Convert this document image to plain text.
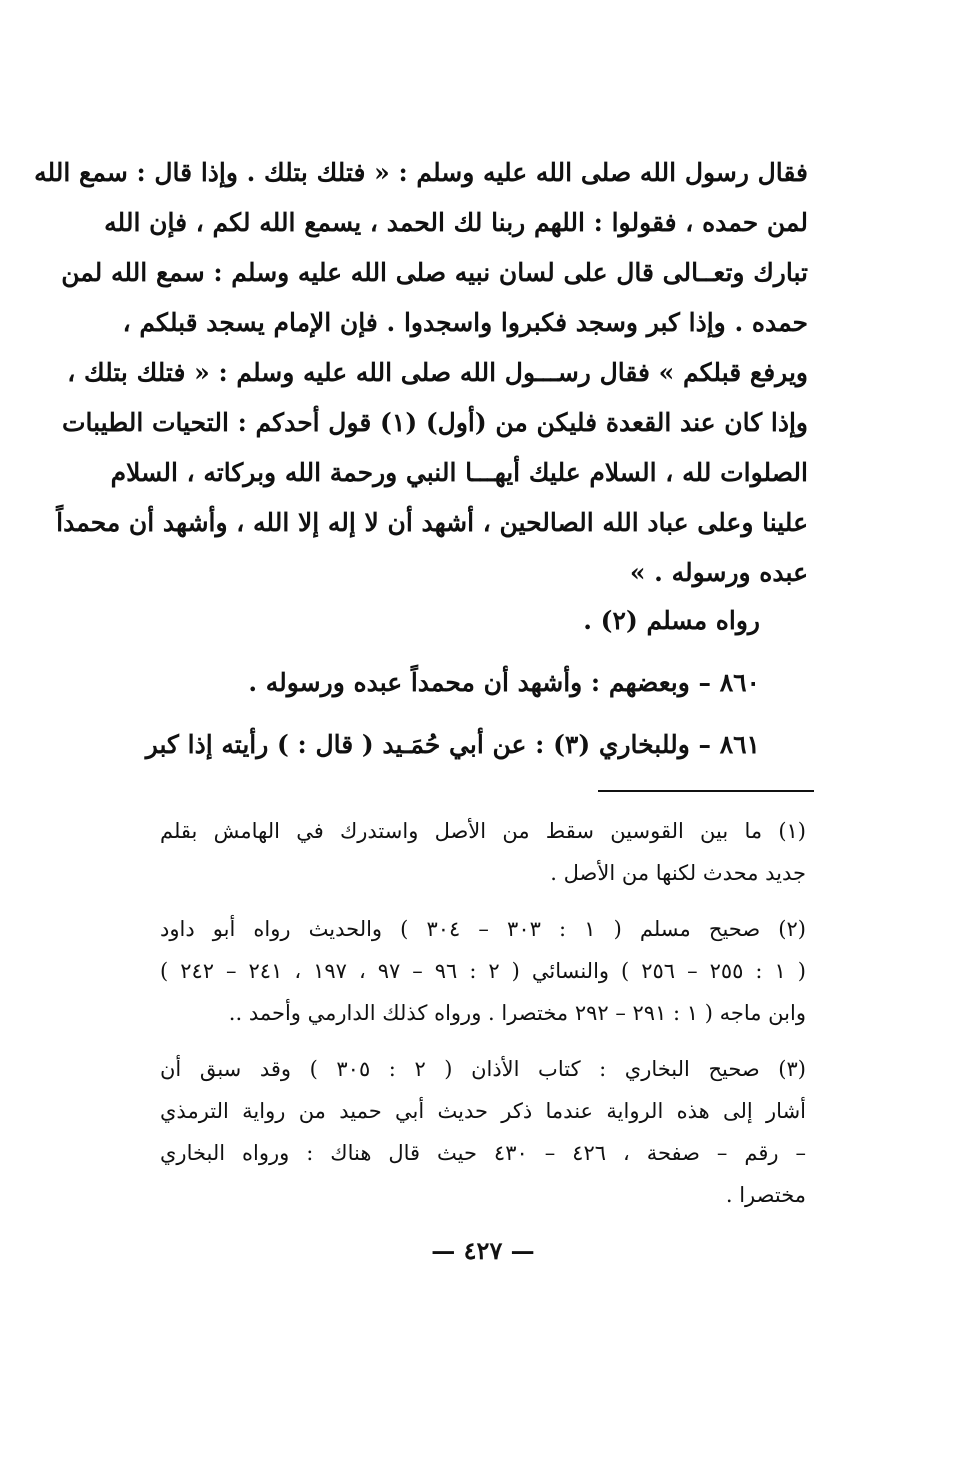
فقال رسول الله صلى الله عليه وسلم : « فتلك بتلك . وإذا قال : سمع الله
لمن حمده ، فقولوا : اللهم ربنا لك الحمد ، يسمع الله لكم ، فإن الله
تبارك وتعــالى قال على لسان نبيه صلى الله عليه وسلم : سمع الله لمن
حمده . وإذا كبر وسجد فكبروا واسجدوا . فإن الإمام يسجد قبلكم ،
ويرفع قبلكم » فقال رســـول الله صلى الله عليه وسلم : « فتلك بتلك ،
وإذا كان عند القعدة فليكن من (أول) (١) قول أحدكم : التحيات الطيبات
الصلوات لله ، السلام عليك أيهـــا النبي ورحمة الله وبركاته ، السلام
علينا وعلى عباد الله الصالحين ، أشهد أن لا إله إلا الله ، وأشهد أن محمداً
عبده ورسوله . »
رواه مسلم (٢) .
٨٦٠ – وبعضهم : وأشهد أن محمداً عبده ورسوله .
٨٦١ – وللبخاري (٣) : عن أبي حُمَـيد ( قال : ) رأيته إذا كبر
(١) ما بين القوسين سقط من الأصل واستدرك في الهامش بقلم
جديد محدث لكنها من الأصل .
(٢) صحيح مسلم ( ١ : ٣٠٣ – ٣٠٤ ) والحديث رواه أبو داود
( ١ : ٢٥٥ – ٢٥٦ ) والنسائي ( ٢ : ٩٦ – ٩٧ ، ١٩٧ ، ٢٤١ – ٢٤٢ )
وابن ماجه ( ١ : ٢٩١ – ٢٩٢ مختصرا . ورواه كذلك الدارمي وأحمد ..
(٣) صحيح البخاري : كتاب الأذان ( ٢ : ٣٠٥ ) وقد سبق أن
أشار إلى هذه الرواية عندما ذكر حديث أبي حميد من رواية الترمذي
– رقم – صفحة ، ٤٢٦ – ٤٣٠ حيث قال هناك : ورواه البخاري
مختصرا .
— ٤٢٧ —
